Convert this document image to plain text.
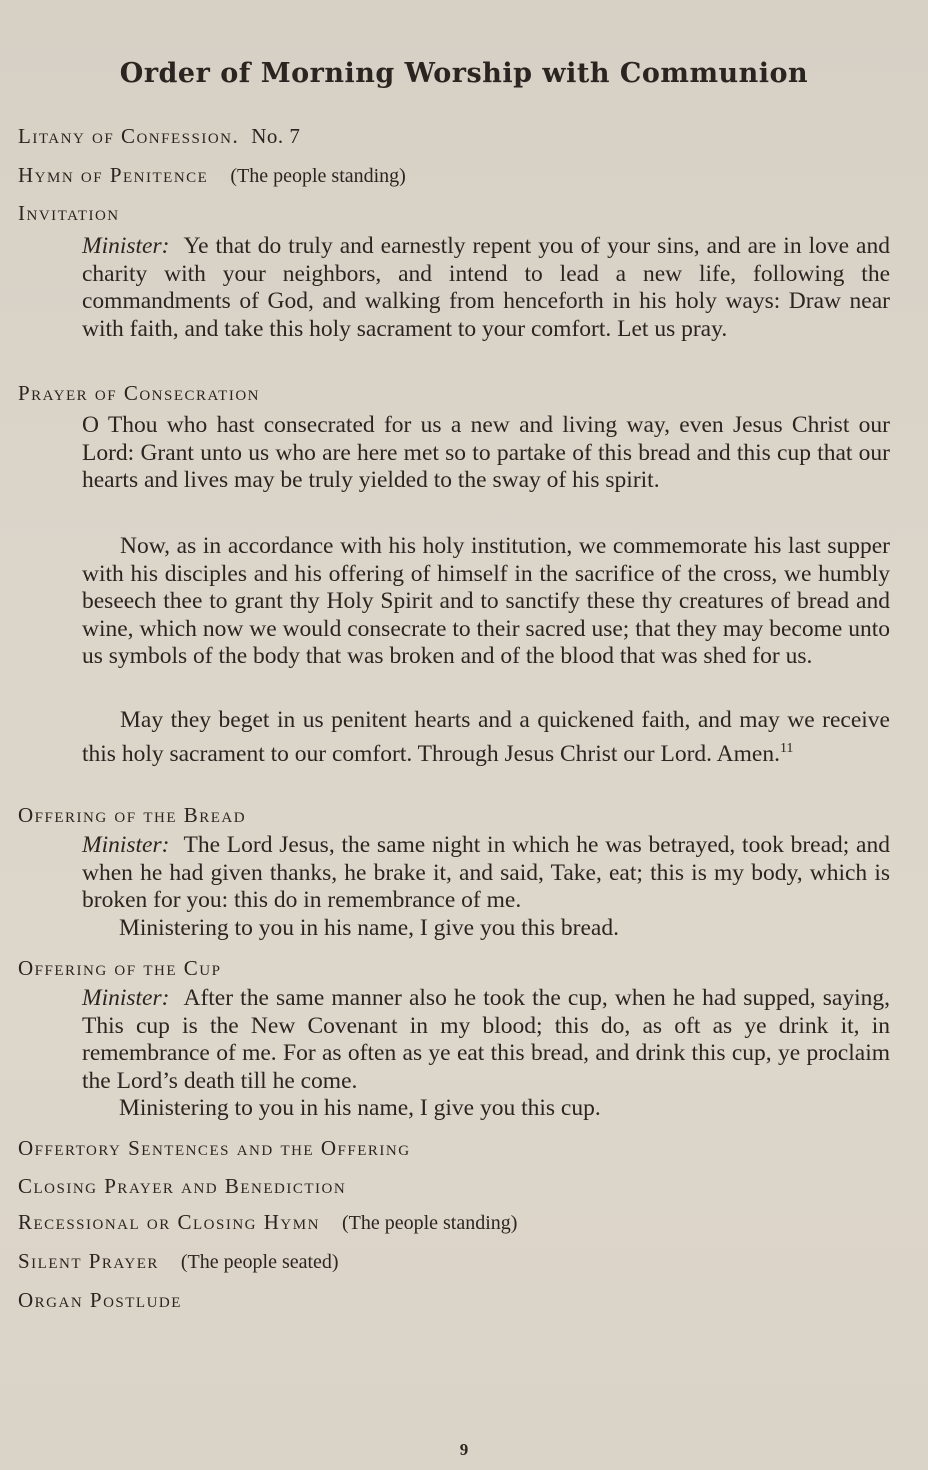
Order of Morning Worship with Communion
Litany of Confession. No. 7
Hymn of Penitence (The people standing)
Invitation
Minister: Ye that do truly and earnestly repent you of your sins, and are in love and charity with your neighbors, and intend to lead a new life, following the commandments of God, and walking from henceforth in his holy ways: Draw near with faith, and take this holy sacrament to your comfort. Let us pray.
Prayer of Consecration
O Thou who hast consecrated for us a new and living way, even Jesus Christ our Lord: Grant unto us who are here met so to partake of this bread and this cup that our hearts and lives may be truly yielded to the sway of his spirit.
Now, as in accordance with his holy institution, we commemorate his last supper with his disciples and his offering of himself in the sacrifice of the cross, we humbly beseech thee to grant thy Holy Spirit and to sanctify these thy creatures of bread and wine, which now we would consecrate to their sacred use; that they may become unto us symbols of the body that was broken and of the blood that was shed for us.
May they beget in us penitent hearts and a quickened faith, and may we receive this holy sacrament to our comfort. Through Jesus Christ our Lord. Amen.$^{11}$
Offering of the Bread
Minister: The Lord Jesus, the same night in which he was betrayed, took bread; and when he had given thanks, he brake it, and said, Take, eat; this is my body, which is broken for you: this do in remembrance of me.
Ministering to you in his name, I give you this bread.
Offering of the Cup
Minister: After the same manner also he took the cup, when he had supped, saying, This cup is the New Covenant in my blood; this do, as oft as ye drink it, in remembrance of me. For as often as ye eat this bread, and drink this cup, ye proclaim the Lord’s death till he come.
Ministering to you in his name, I give you this cup.
Offertory Sentences and the Offering
Closing Prayer and Benediction
Recessional or Closing Hymn (The people standing)
Silent Prayer (The people seated)
Organ Postlude
9
